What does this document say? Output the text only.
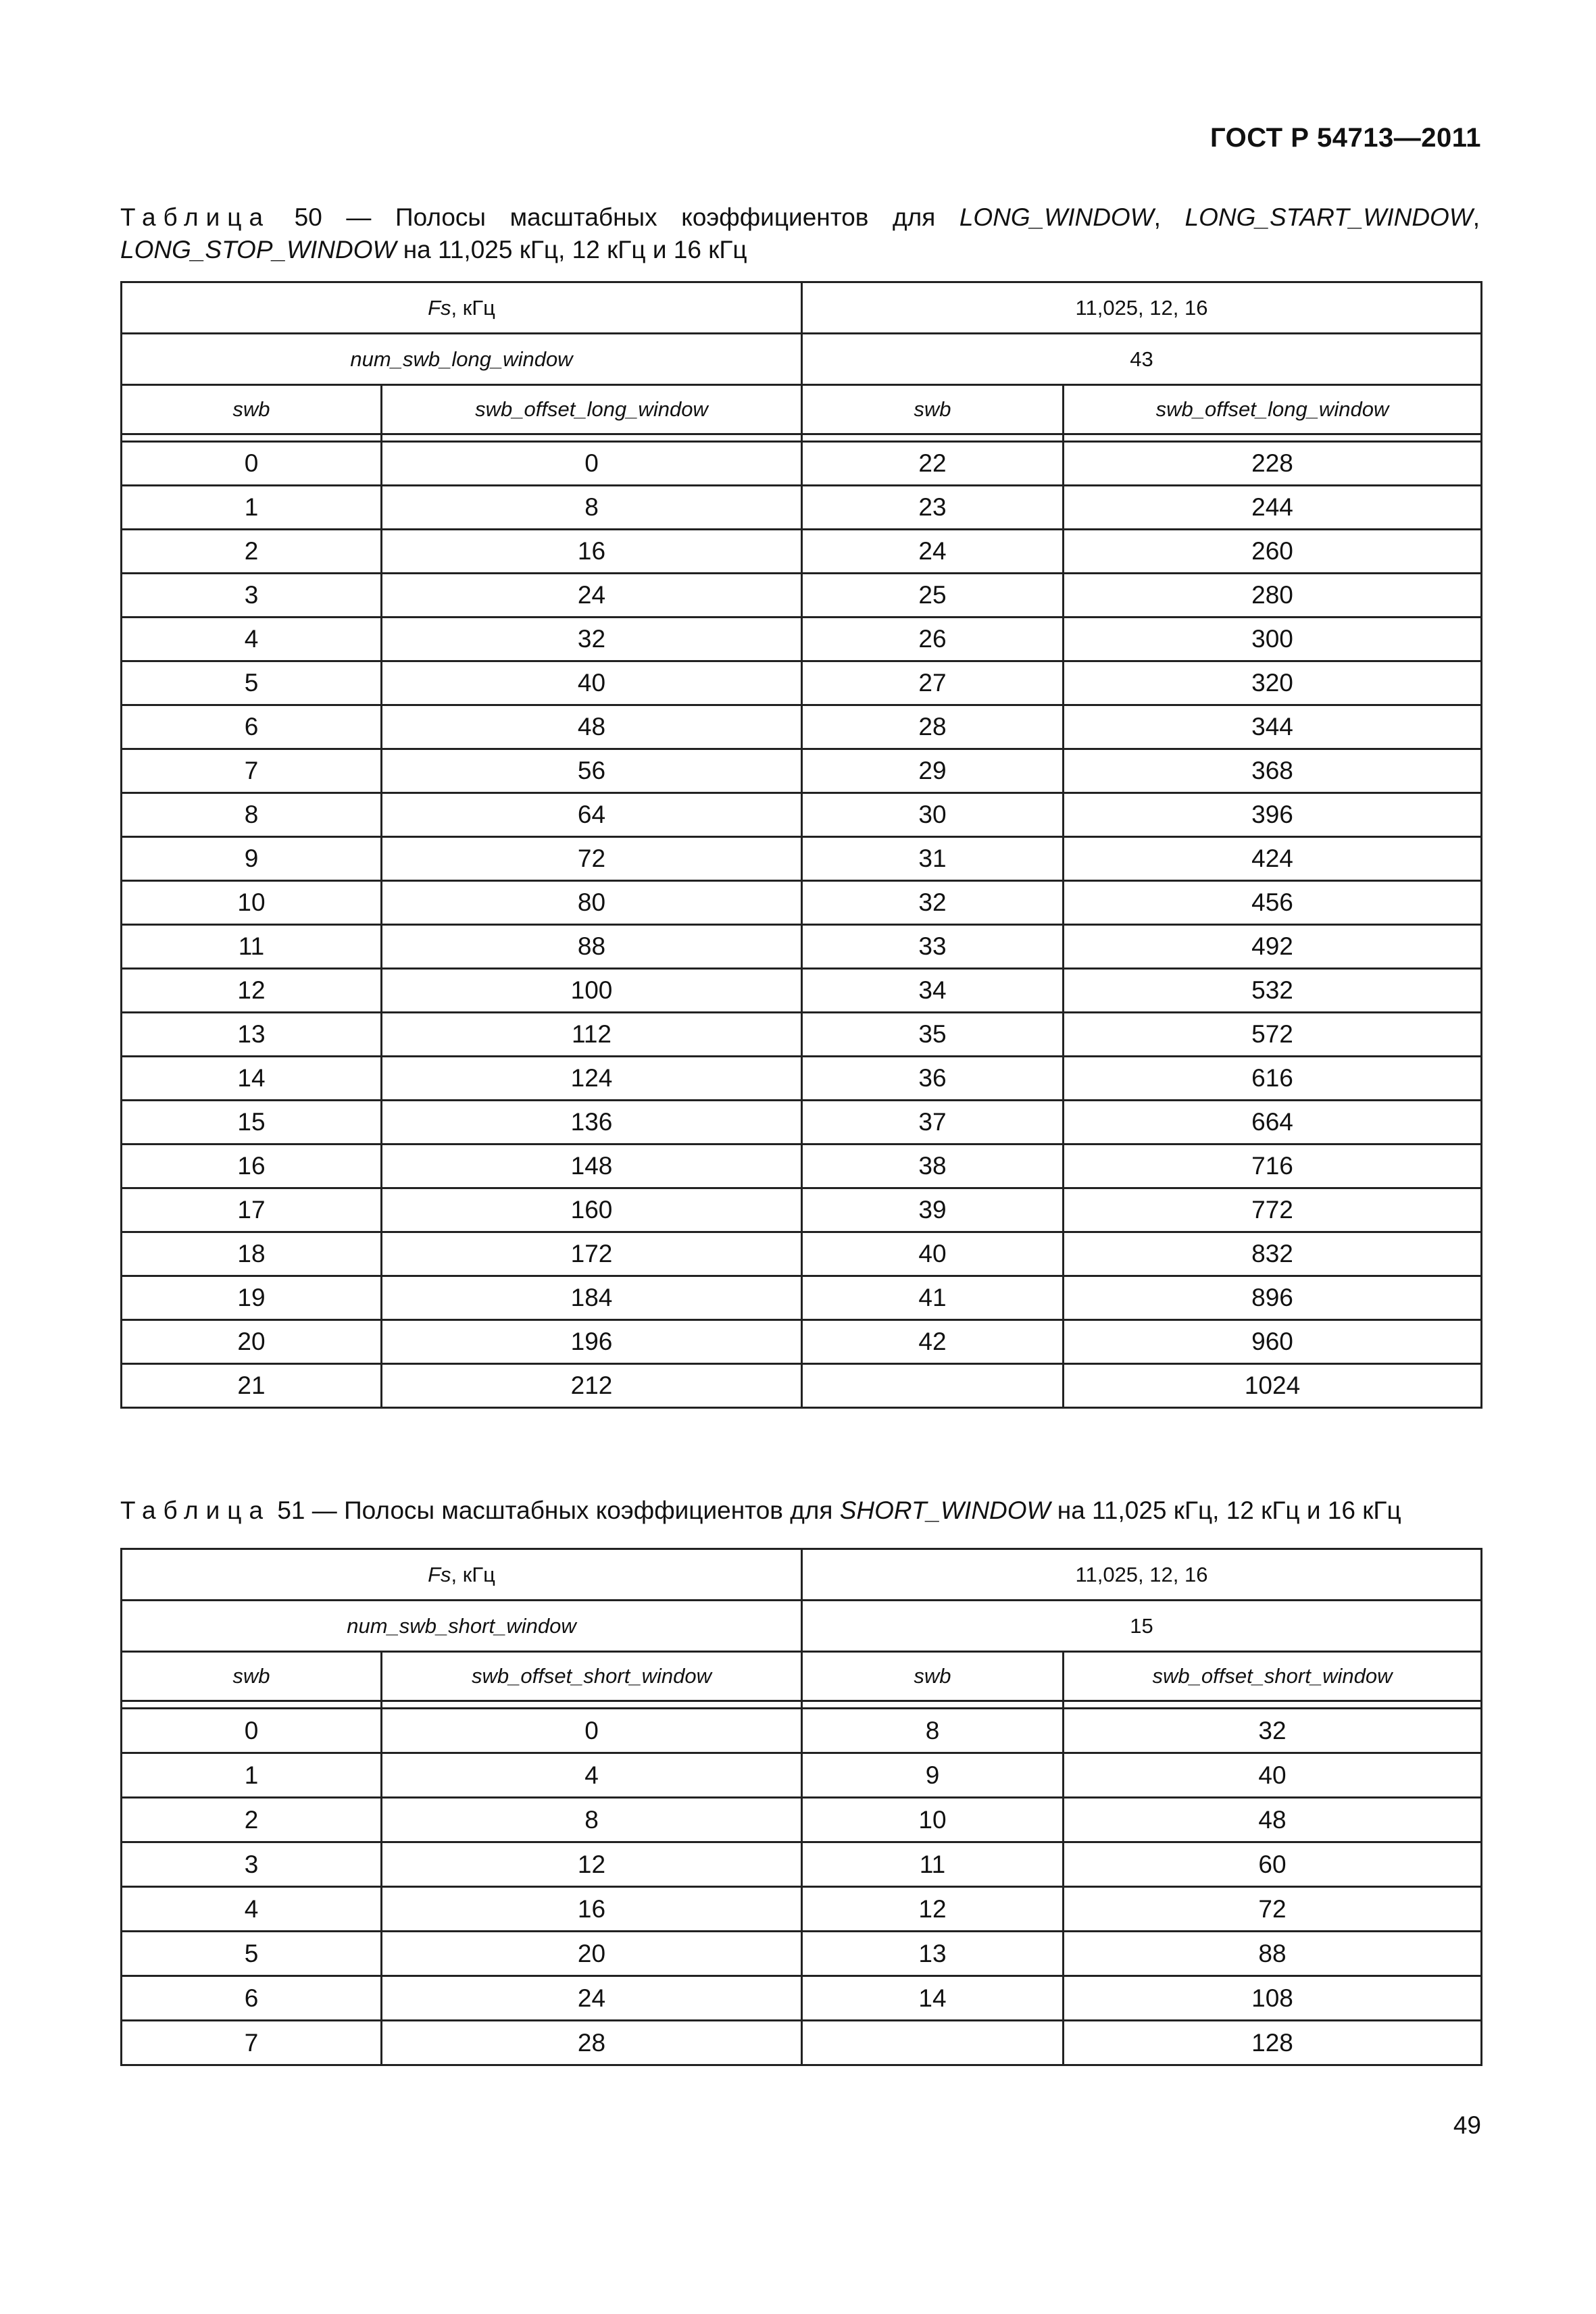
ГОСТ Р 54713—2011
Таблица 50 — Полосы масштабных коэффициентов для LONG_WINDOW, LONG_START_WINDOW, LONG_STOP_WINDOW на 11,025 кГц, 12 кГц и 16 кГц
Fs, кГц		11,025, 12, 16	
num_swb_long_window		43	
swb	swb_offset_long_window	swb	swb_offset_long_window

0	0	22	228
1	8	23	244
2	16	24	260
3	24	25	280
4	32	26	300
5	40	27	320
6	48	28	344
7	56	29	368
8	64	30	396
9	72	31	424
10	80	32	456
11	88	33	492
12	100	34	532
13	112	35	572
14	124	36	616
15	136	37	664
16	148	38	716
17	160	39	772
18	172	40	832
19	184	41	896
20	196	42	960
21	212		1024
Таблица 51 — Полосы масштабных коэффициентов для SHORT_WINDOW на 11,025 кГц, 12 кГц и 16 кГц
Fs, кГц		11,025, 12, 16	
num_swb_short_window		15	
swb	swb_offset_short_window	swb	swb_offset_short_window

0	0	8	32
1	4	9	40
2	8	10	48
3	12	11	60
4	16	12	72
5	20	13	88
6	24	14	108
7	28		128
49
